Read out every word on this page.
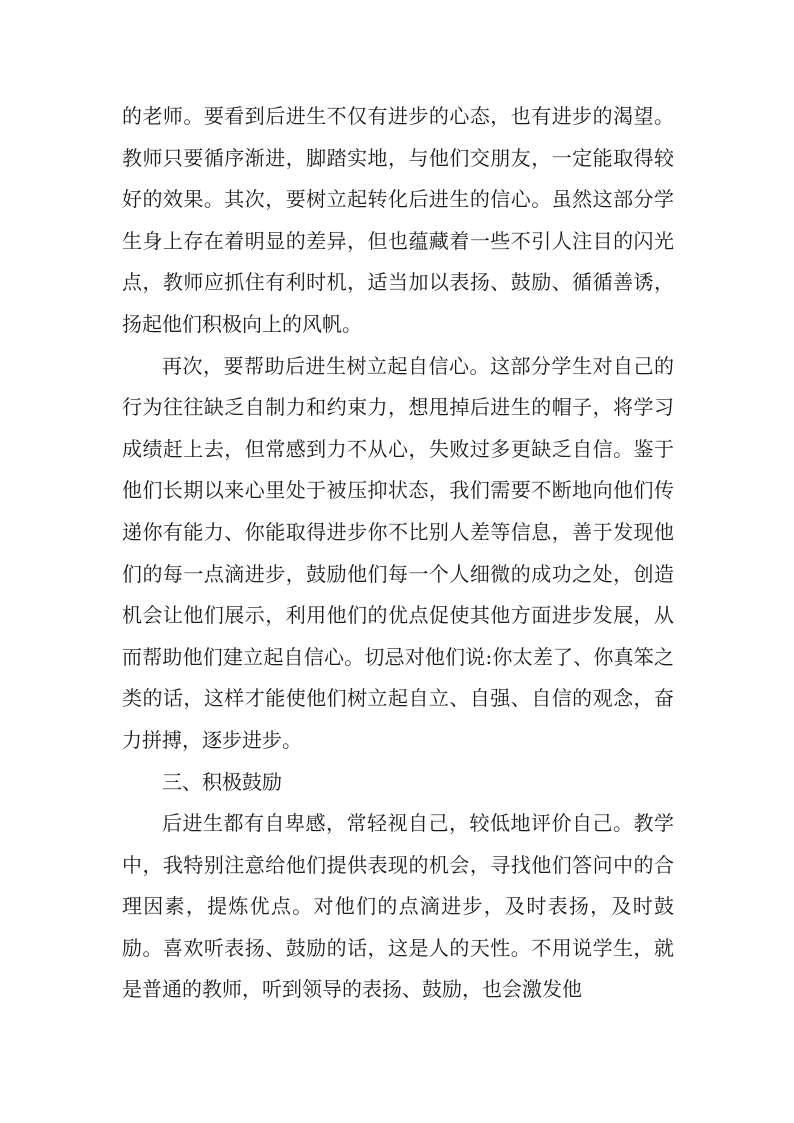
的老师。要看到后进生不仅有进步的心态，也有进步的渴望。教师只要循序渐进，脚踏实地，与他们交朋友，一定能取得较好的效果。其次，要树立起转化后进生的信心。虽然这部分学生身上存在着明显的差异，但也蕴藏着一些不引人注目的闪光点，教师应抓住有利时机，适当加以表扬、鼓励、循循善诱，扬起他们积极向上的风帆。

再次，要帮助后进生树立起自信心。这部分学生对自己的行为往往缺乏自制力和约束力，想甩掉后进生的帽子，将学习成绩赶上去，但常感到力不从心，失败过多更缺乏自信。鉴于他们长期以来心里处于被压抑状态，我们需要不断地向他们传递你有能力、你能取得进步你不比别人差等信息，善于发现他们的每一点滴进步，鼓励他们每一个人细微的成功之处，创造机会让他们展示，利用他们的优点促使其他方面进步发展，从而帮助他们建立起自信心。切忌对他们说:你太差了、你真笨之类的话，这样才能使他们树立起自立、自强、自信的观念，奋力拼搏，逐步进步。

三、积极鼓励

后进生都有自卑感，常轻视自己，较低地评价自己。教学中，我特别注意给他们提供表现的机会，寻找他们答问中的合理因素，提炼优点。对他们的点滴进步，及时表扬，及时鼓励。喜欢听表扬、鼓励的话，这是人的天性。不用说学生，就是普通的教师，听到领导的表扬、鼓励，也会激发他
